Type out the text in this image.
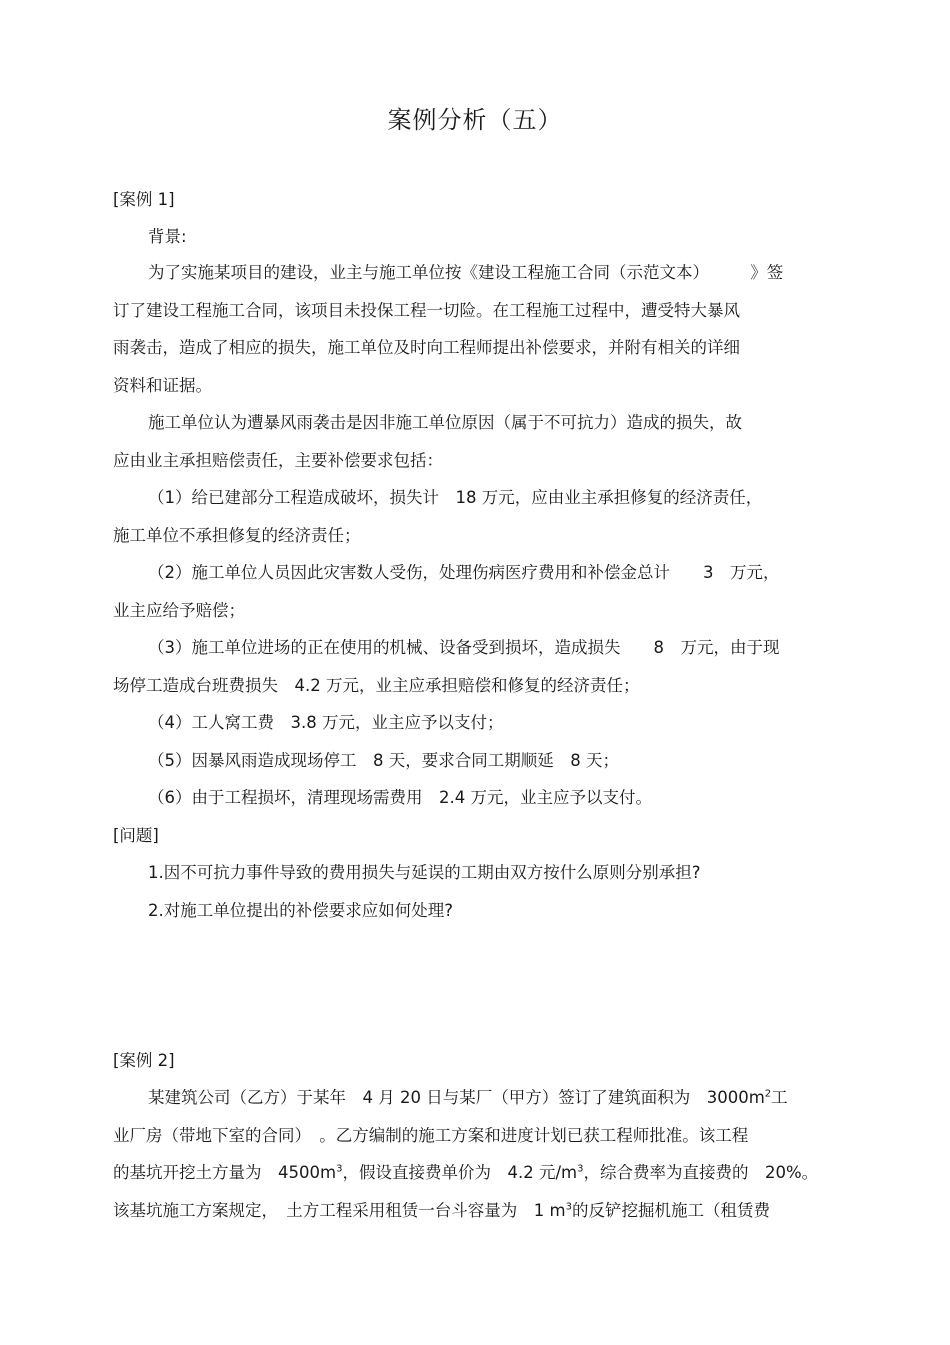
案例分析（五）
[案例 1]
背景:
为了实施某项目的建设，业主与施工单位按《建设工程施工合同（示范文本）　　　》签
订了建设工程施工合同，该项目未投保工程一切险。在工程施工过程中，遭受特大暴风
雨袭击，造成了相应的损失，施工单位及时向工程师提出补偿要求，并附有相关的详细
资料和证据。
施工单位认为遭暴风雨袭击是因非施工单位原因（属于不可抗力）造成的损失，故
应由业主承担赔偿责任，主要补偿要求包括：
（1）给已建部分工程造成破坏，损失计　18 万元，应由业主承担修复的经济责任，
施工单位不承担修复的经济责任；
（2）施工单位人员因此灾害数人受伤，处理伤病医疗费用和补偿金总计　　3　万元，
业主应给予赔偿；
（3）施工单位进场的正在使用的机械、设备受到损坏，造成损失　　8　万元，由于现
场停工造成台班费损失　4.2 万元，业主应承担赔偿和修复的经济责任；
（4）工人窝工费　3.8 万元，业主应予以支付；
（5）因暴风雨造成现场停工　8 天，要求合同工期顺延　8 天；
（6）由于工程损坏，清理现场需费用　2.4 万元，业主应予以支付。
[问题]
1.因不可抗力事件导致的费用损失与延误的工期由双方按什么原则分别承担?
2.对施工单位提出的补偿要求应如何处理?
[案例 2]
某建筑公司（乙方）于某年　4 月 20 日与某厂（甲方）签订了建筑面积为　$3000m^2$工
业厂房（带地下室的合同）　。乙方编制的施工方案和进度计划已获工程师批准。该工程
的基坑开挖土方量为　$4500m^3$，假设直接费单价为　4.2 元$/m^3$，综合费率为直接费的　20%。
该基坑施工方案规定，　土方工程采用租赁一台斗容量为　1 $m^3$的反铲挖掘机施工（租赁费
